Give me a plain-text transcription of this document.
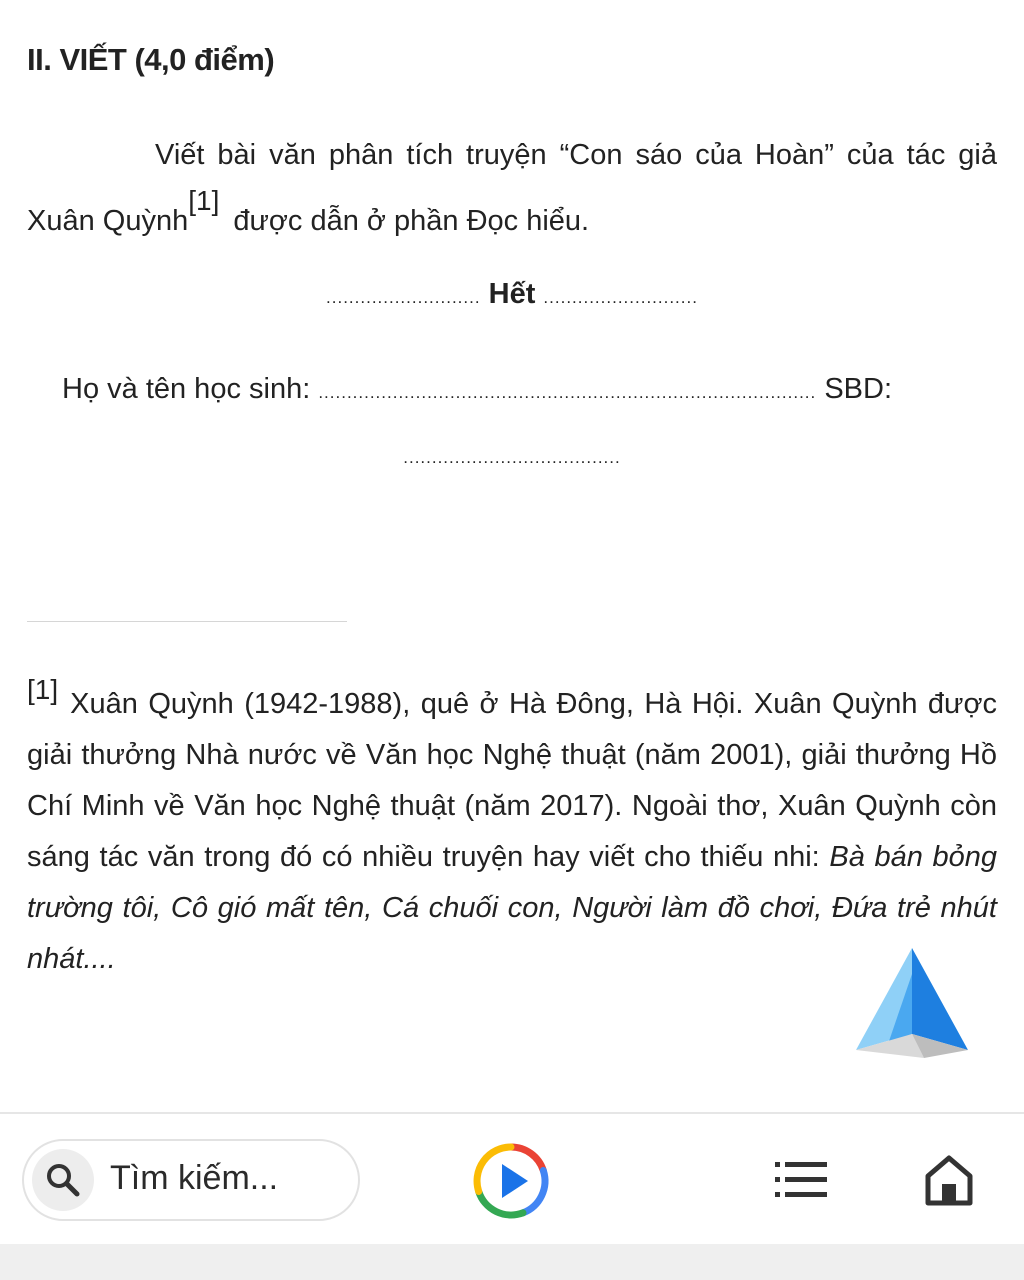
II. VIẾT (4,0 điểm)
Viết bài văn phân tích truyện “Con sáo của Hoàn” của tác giả Xuân Quỳnh[1]được dẫn ở phần Đọc hiểu.
........................... Hết ...........................
Họ và tên học sinh: ....................................................................................... SBD:
......................................
[1] Xuân Quỳnh (1942-1988), quê ở Hà Đông, Hà Hội. Xuân Quỳnh được giải thưởng Nhà nước về Văn học Nghệ thuật (năm 2001), giải thưởng Hồ Chí Minh về Văn học Nghệ thuật (năm 2017). Ngoài thơ, Xuân Quỳnh còn sáng tác văn trong đó có nhiều truyện hay viết cho thiếu nhi: Bà bán bỏng trường tôi, Cô gió mất tên, Cá chuối con, Người làm đồ chơi, Đứa trẻ nhút nhát....
Tìm kiếm...
